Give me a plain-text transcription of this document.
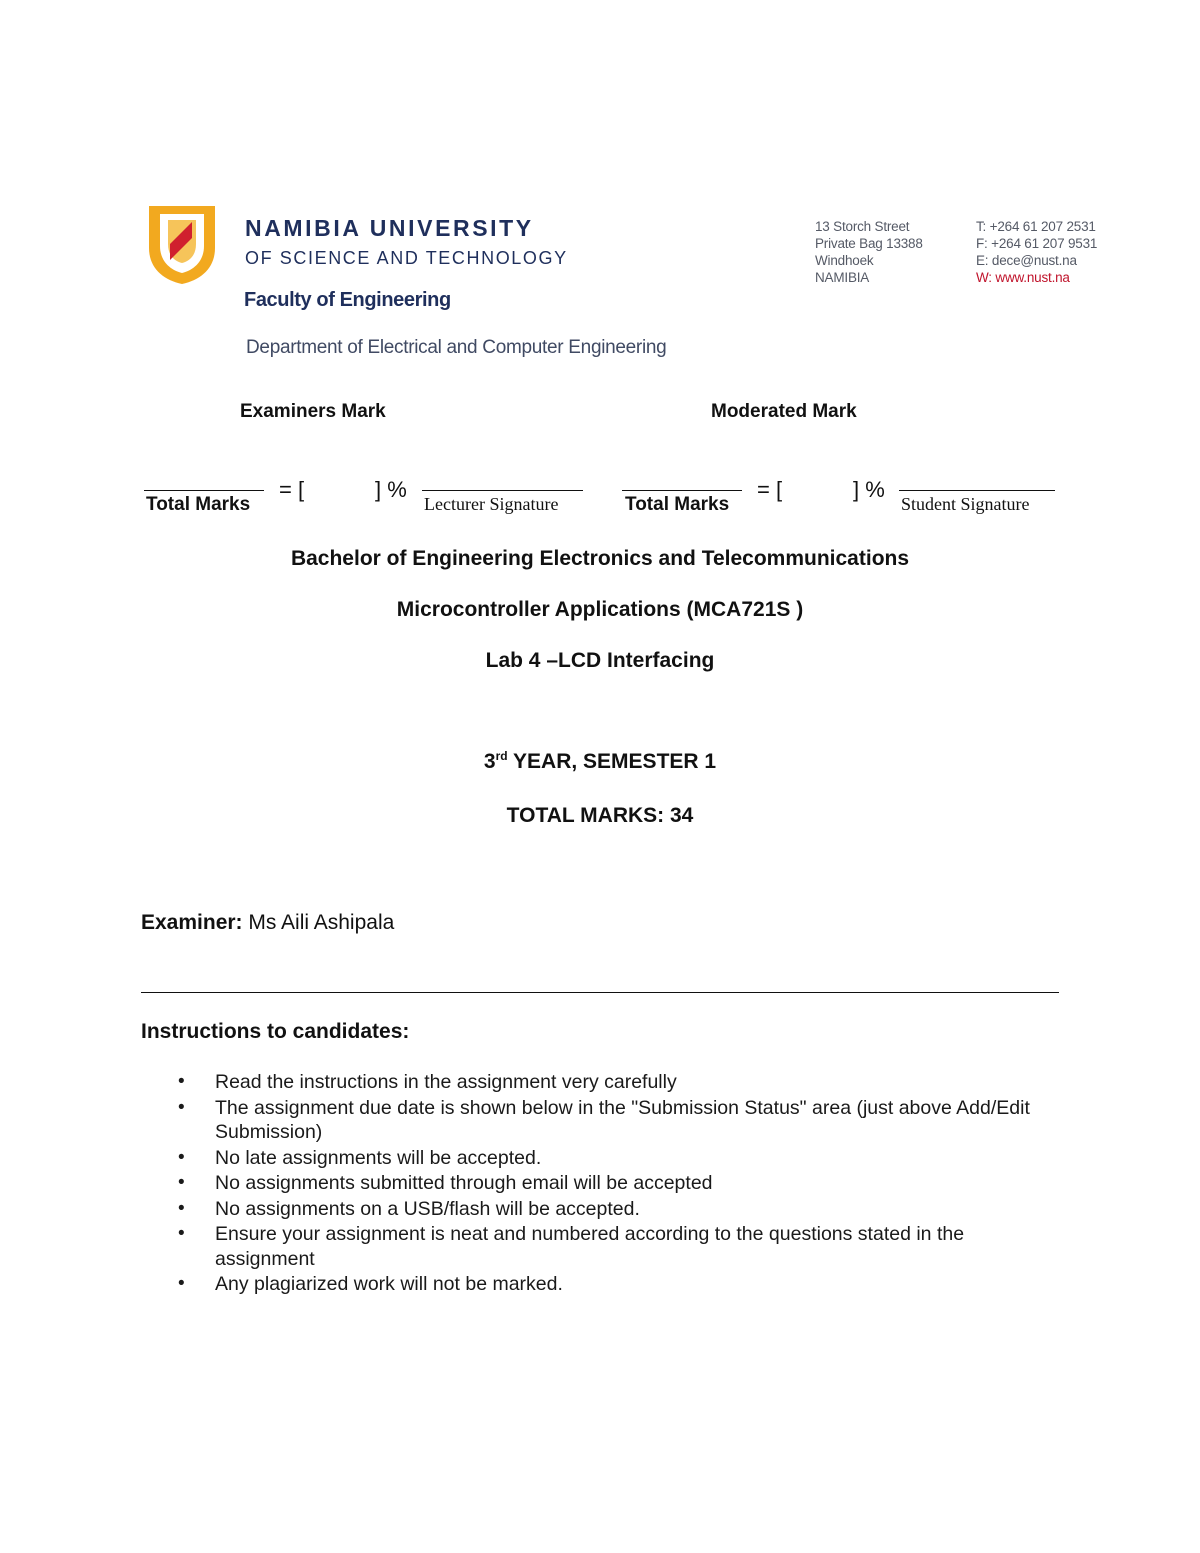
NAMIBIA UNIVERSITY
OF SCIENCE AND TECHNOLOGY
Faculty of Engineering
Department of Electrical and Computer Engineering
13 Storch Street
Private Bag 13388
Windhoek
NAMIBIA
T: +264 61 207 2531
F: +264 61 207 9531
E: dece@nust.na
W: www.nust.na
Examiners Mark	Moderated Mark
Total Marks
= [	] %
Lecturer Signature	Total Marks
= [	] %
Student Signature
Bachelor of Engineering Electronics and Telecommunications
Microcontroller Applications (MCA721S )
Lab 4 –LCD Interfacing
3rd YEAR, SEMESTER 1
TOTAL MARKS: 34
Examiner: Ms Aili Ashipala
Instructions to candidates:
• Read the instructions in the assignment very carefully
• The assignment due date is shown below in the "Submission Status" area (just above Add/Edit Submission)
• No late assignments will be accepted.
• No assignments submitted through email will be accepted
• No assignments on a USB/flash will be accepted.
• Ensure your assignment is neat and numbered according to the questions stated in the assignment
• Any plagiarized work will not be marked.
